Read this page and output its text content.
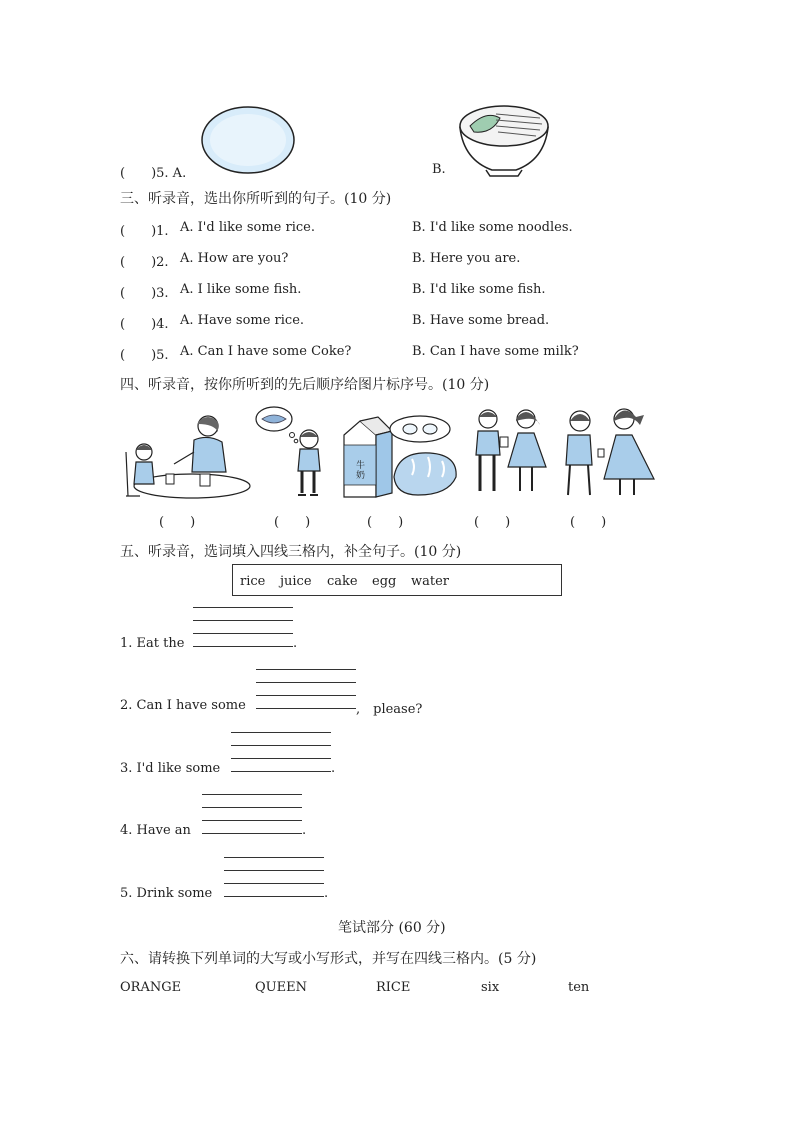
(　　)5. A.	B.
三、听录音，选出你所听到的句子。(10 分)
(　　)1. A. I'd like some rice.	B. I'd like some noodles.
(　　)2. A. How are you?	B. Here you are.
(　　)3. A. I like some fish.	B. I'd like some fish.
(　　)4. A. Have some rice.	B. Have some bread.
(　　)5. A. Can I have some Coke?	B. Can I have some milk?
四、听录音，按你所听到的先后顺序给图片标序号。(10 分)
牛
奶
(　　)	(　　)	(　　)	(　　)	(　　)
五、听录音，选词填入四线三格内，补全句子。(10 分)
rice juice cake egg water
1. Eat the	.
2. Can I have some	,　please?
3. I'd like some	.
4. Have an	.
5. Drink some	.
笔试部分 (60 分)
六、请转换下列单词的大写或小写形式，并写在四线三格内。(5 分)
ORANGE	QUEEN	RICE	six	ten
